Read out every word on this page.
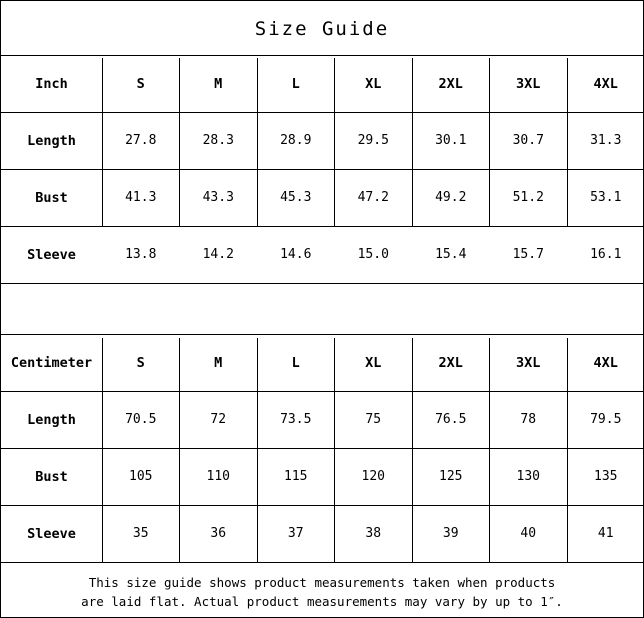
Size Guide
Inch	S	M	L	XL	2XL	3XL	4XL
Length	27.8	28.3	28.9	29.5	30.1	30.7	31.3
Bust	41.3	43.3	45.3	47.2	49.2	51.2	53.1
Sleeve	13.8	14.2	14.6	15.0	15.4	15.7	16.1
Centimeter	S	M	L	XL	2XL	3XL	4XL
Length	70.5	72	73.5	75	76.5	78	79.5
Bust	105	110	115	120	125	130	135
Sleeve	35	36	37	38	39	40	41
This size guide shows product measurements taken when products
are laid flat. Actual product measurements may vary by up to 1″.
